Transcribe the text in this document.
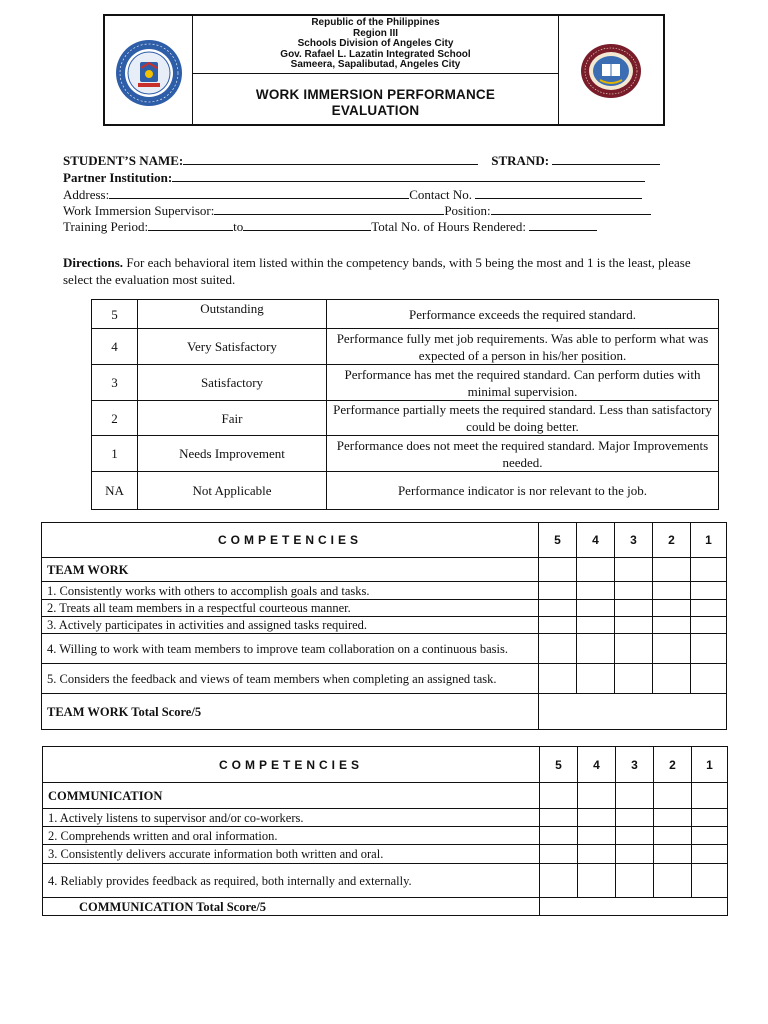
Republic of the Philippines
Region III
Schools Division of Angeles City
Gov. Rafael L. Lazatin Integrated School
Sameera, Sapalibutad, Angeles City
WORK IMMERSION PERFORMANCE
EVALUATION
STUDENT’S NAME:	STRAND:
Partner Institution:
Address:	Contact No.
Work Immersion Supervisor:	Position:
Training Period:	to	Total No. of Hours Rendered:
Directions. For each behavioral item listed within the competency bands, with 5 being the most and 1 is the least, please select the evaluation most suited.
5	Outstanding	Performance exceeds the required standard.
4	Very Satisfactory	Performance fully met job requirements. Was able to perform what was expected of a person in his/her position.
3	Satisfactory	Performance has met the required standard. Can perform duties with minimal supervision.
2	Fair	Performance partially meets the required standard. Less than satisfactory could be doing better.
1	Needs Improvement	Performance does not meet the required standard. Major Improvements needed.
NA	Not Applicable	Performance indicator is nor relevant to the job.
COMPETENCIES	5	4	3	2	1
TEAM WORK					
1. Consistently works with others to accomplish goals and tasks.					
2. Treats all team members in a respectful courteous manner.					
3. Actively participates in activities and assigned tasks required.					
4. Willing to work with team members to improve team collaboration on a continuous basis.					
5. Considers the feedback and views of team members when completing an assigned task.					
TEAM WORK Total Score/5					
COMPETENCIES	5	4	3	2	1
COMMUNICATION					
1. Actively listens to supervisor and/or co-workers.					
2. Comprehends written and oral information.					
3. Consistently delivers accurate information both written and oral.					
4. Reliably provides feedback as required, both internally and externally.					
COMMUNICATION Total Score/5					
